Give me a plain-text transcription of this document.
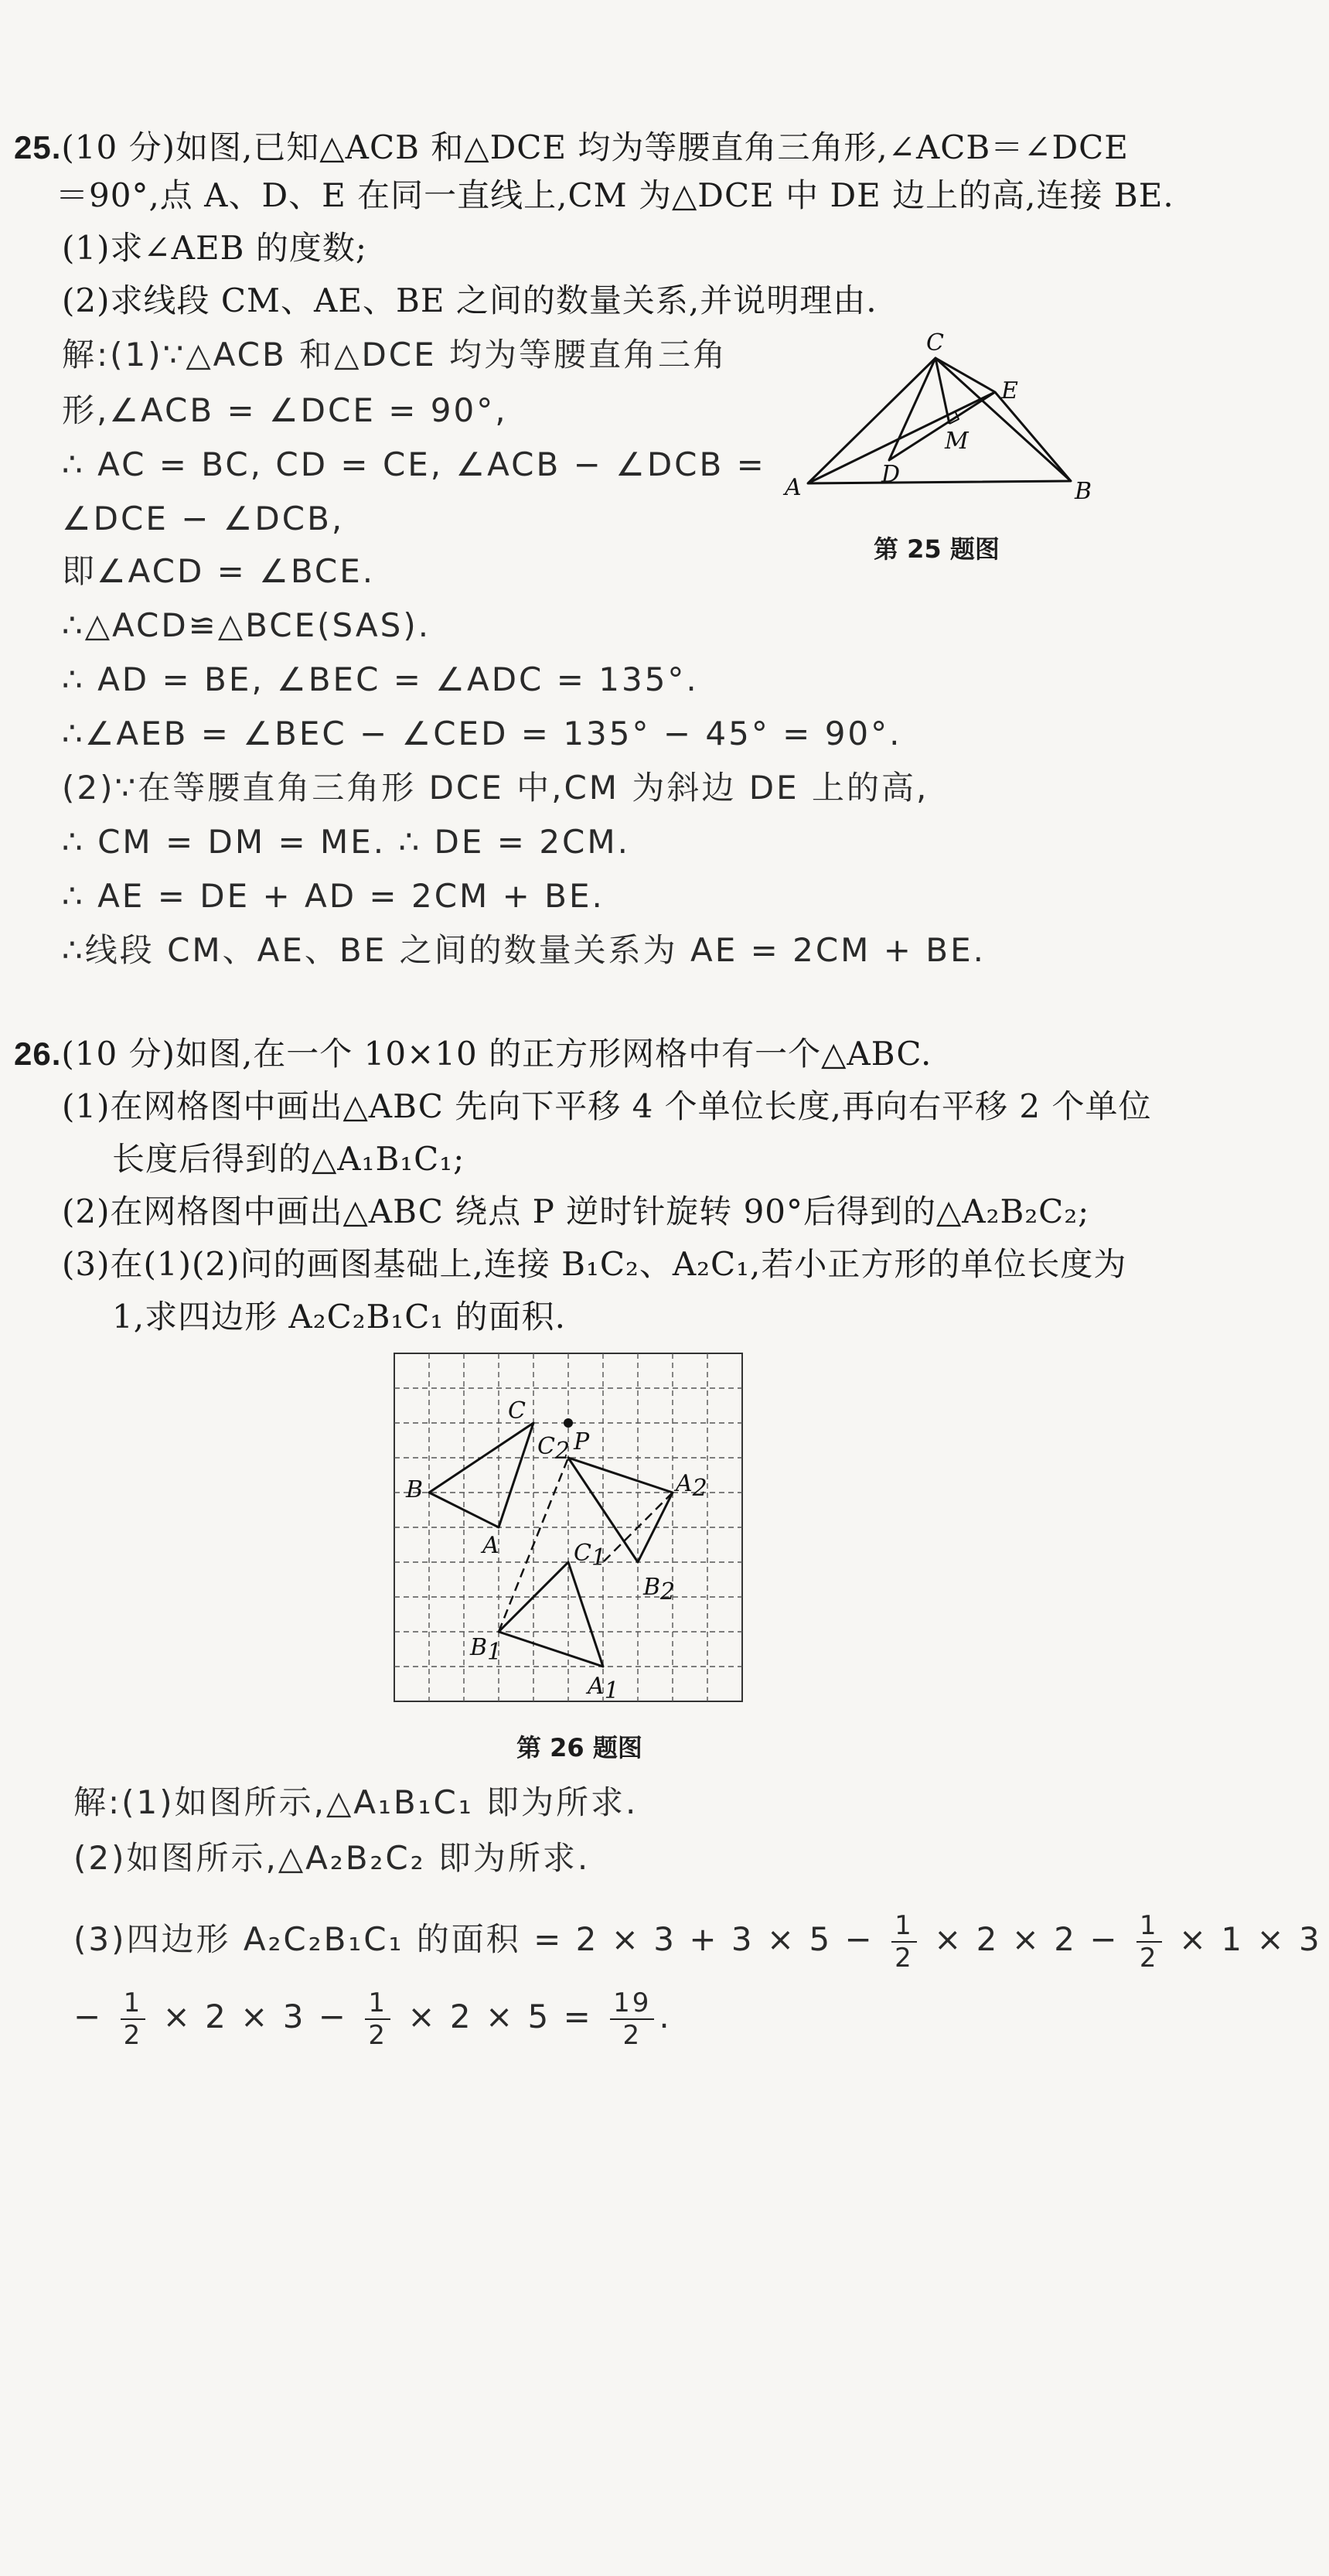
25.(10 分)如图,已知△ACB 和△DCE 均为等腰直角三角形,∠ACB＝∠DCE
＝90°,点 A、D、E 在同一直线上,CM 为△DCE 中 DE 边上的高,连接 BE.
(1)求∠AEB 的度数;
(2)求线段 CM、AE、BE 之间的数量关系,并说明理由.
解:(1)∵△ACB 和△DCE 均为等腰直角三角
形,∠ACB = ∠DCE = 90°,
∴ AC = BC, CD = CE, ∠ACB − ∠DCB =
∠DCE − ∠DCB,
即∠ACD = ∠BCE.
∴△ACD≌△BCE(SAS).
∴ AD = BE, ∠BEC = ∠ADC = 135°.
∴∠AEB = ∠BEC − ∠CED = 135° − 45° = 90°.
(2)∵在等腰直角三角形 DCE 中,CM 为斜边 DE 上的高,
∴ CM = DM = ME. ∴ DE = 2CM.
∴ AE = DE + AD = 2CM + BE.
∴线段 CM、AE、BE 之间的数量关系为 AE = 2CM + BE.
C
E
M
D
A	B
第 25 题图
26.(10 分)如图,在一个 10×10 的正方形网格中有一个△ABC.
(1)在网格图中画出△ABC 先向下平移 4 个单位长度,再向右平移 2 个单位
长度后得到的△A₁B₁C₁;
(2)在网格图中画出△ABC 绕点 P 逆时针旋转 90°后得到的△A₂B₂C₂;
(3)在(1)(2)问的画图基础上,连接 B₁C₂、A₂C₁,若小正方形的单位长度为
1,求四边形 A₂C₂B₁C₁ 的面积.
C
B
A
P
C2
A2
C1
B2
B1
A1
第 26 题图
解:(1)如图所示,△A₁B₁C₁ 即为所求.
(2)如图所示,△A₂B₂C₂ 即为所求.
(3)四边形 A₂C₂B₁C₁ 的面积 = $2 \times 3 + 3 \times 5 - \frac{1}{2} \times 2 \times 2 - \frac{1}{2} \times 1 \times 3$
− $\frac{1}{2} \times 2 \times 3 - \frac{1}{2} \times 2 \times 5 = \frac{19}{2}$ .
